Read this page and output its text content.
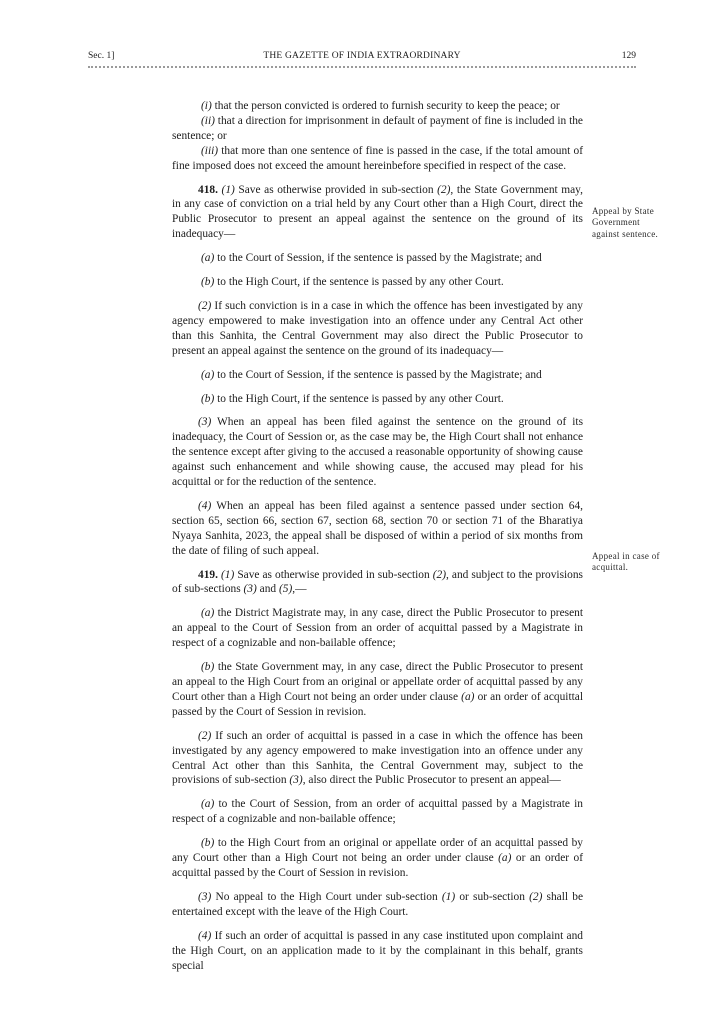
Sec. 1]	THE GAZETTE OF INDIA EXTRAORDINARY	129
Appeal by State Government against sentence.
Appeal in case of acquittal.

(i) that the person convicted is ordered to furnish security to keep the peace; or

(ii) that a direction for imprisonment in default of payment of fine is included in the sentence; or

(iii) that more than one sentence of fine is passed in the case, if the total amount of fine imposed does not exceed the amount hereinbefore specified in respect of the case.

418. (1) Save as otherwise provided in sub-section (2), the State Government may, in any case of conviction on a trial held by any Court other than a High Court, direct the Public Prosecutor to present an appeal against the sentence on the ground of its inadequacy—

(a) to the Court of Session, if the sentence is passed by the Magistrate; and

(b) to the High Court, if the sentence is passed by any other Court.

(2) If such conviction is in a case in which the offence has been investigated by any agency empowered to make investigation into an offence under any Central Act other than this Sanhita, the Central Government may also direct the Public Prosecutor to present an appeal against the sentence on the ground of its inadequacy—

(a) to the Court of Session, if the sentence is passed by the Magistrate; and

(b) to the High Court, if the sentence is passed by any other Court.

(3) When an appeal has been filed against the sentence on the ground of its inadequacy, the Court of Session or, as the case may be, the High Court shall not enhance the sentence except after giving to the accused a reasonable opportunity of showing cause against such enhancement and while showing cause, the accused may plead for his acquittal or for the reduction of the sentence.

(4) When an appeal has been filed against a sentence passed under section 64, section 65, section 66, section 67, section 68, section 70 or section 71 of the Bharatiya Nyaya Sanhita, 2023, the appeal shall be disposed of within a period of six months from the date of filing of such appeal.

419. (1) Save as otherwise provided in sub-section (2), and subject to the provisions of sub-sections (3) and (5),—

(a) the District Magistrate may, in any case, direct the Public Prosecutor to present an appeal to the Court of Session from an order of acquittal passed by a Magistrate in respect of a cognizable and non-bailable offence;

(b) the State Government may, in any case, direct the Public Prosecutor to present an appeal to the High Court from an original or appellate order of acquittal passed by any Court other than a High Court not being an order under clause (a) or an order of acquittal passed by the Court of Session in revision.

(2) If such an order of acquittal is passed in a case in which the offence has been investigated by any agency empowered to make investigation into an offence under any Central Act other than this Sanhita, the Central Government may, subject to the provisions of sub-section (3), also direct the Public Prosecutor to present an appeal—

(a) to the Court of Session, from an order of acquittal passed by a Magistrate in respect of a cognizable and non-bailable offence;

(b) to the High Court from an original or appellate order of an acquittal passed by any Court other than a High Court not being an order under clause (a) or an order of acquittal passed by the Court of Session in revision.

(3) No appeal to the High Court under sub-section (1) or sub-section (2) shall be entertained except with the leave of the High Court.

(4) If such an order of acquittal is passed in any case instituted upon complaint and the High Court, on an application made to it by the complainant in this behalf, grants special
